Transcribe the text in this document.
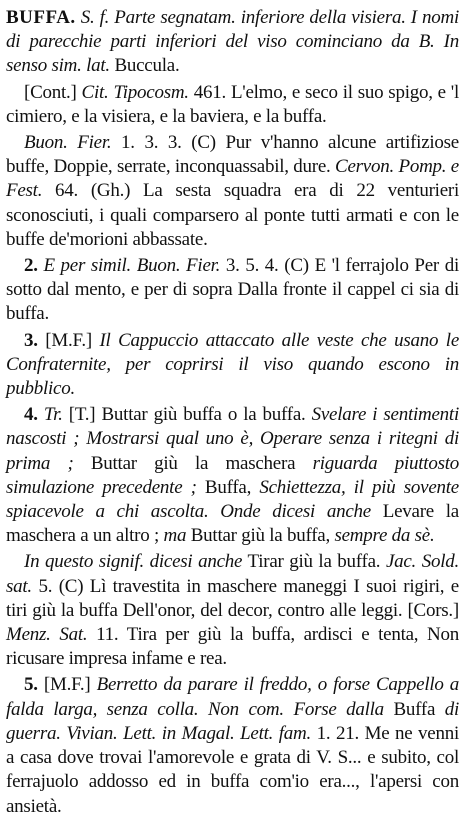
BUFFA. S. f. Parte segnatam. inferiore della visiera. I nomi di parecchie parti inferiori del viso cominciano da B. In senso sim. lat. Buccula.
[Cont.] Cit. Tipocosm. 461. L'elmo, e seco il suo spigo, e 'l cimiero, e la visiera, e la baviera, e la buffa.
Buon. Fier. 1. 3. 3. (C) Pur v'hanno alcune artifiziose buffe, Doppie, serrate, inconquassabil, dure. Cervon. Pomp. e Fest. 64. (Gh.) La sesta squadra era di 22 venturieri sconosciuti, i quali comparsero al ponte tutti armati e con le buffe de'morioni abbassate.
2. E per simil. Buon. Fier. 3. 5. 4. (C) E 'l ferrajolo Per di sotto dal mento, e per di sopra Dalla fronte il cappel ci sia di buffa.
3. [M.F.] Il Cappuccio attaccato alle veste che usano le Confraternite, per coprirsi il viso quando escono in pubblico.
4. Tr. [T.] Buttar giù buffa o la buffa. Svelare i sentimenti nascosti ; Mostrarsi qual uno è, Operare senza i ritegni di prima ; Buttar giù la maschera riguarda piuttosto simulazione precedente ; Buffa, Schiettezza, il più sovente spiacevole a chi ascolta. Onde dicesi anche Levare la maschera a un altro ; ma Buttar giù la buffa, sempre da sè.
In questo signif. dicesi anche Tirar giù la buffa. Jac. Sold. sat. 5. (C) Lì travestita in maschere maneggi I suoi rigiri, e tiri giù la buffa Dell'onor, del decor, contro alle leggi. [Cors.] Menz. Sat. 11. Tira per giù la buffa, ardisci e tenta, Non ricusare impresa infame e rea.
5. [M.F.] Berretto da parare il freddo, o forse Cappello a falda larga, senza colla. Non com. Forse dalla Buffa di guerra. Vivian. Lett. in Magal. Lett. fam. 1. 21. Me ne venni a casa dove trovai l'amorevole e grata di V. S... e subito, col ferrajuolo addosso ed in buffa com'io era..., l'apersi con ansietà.
